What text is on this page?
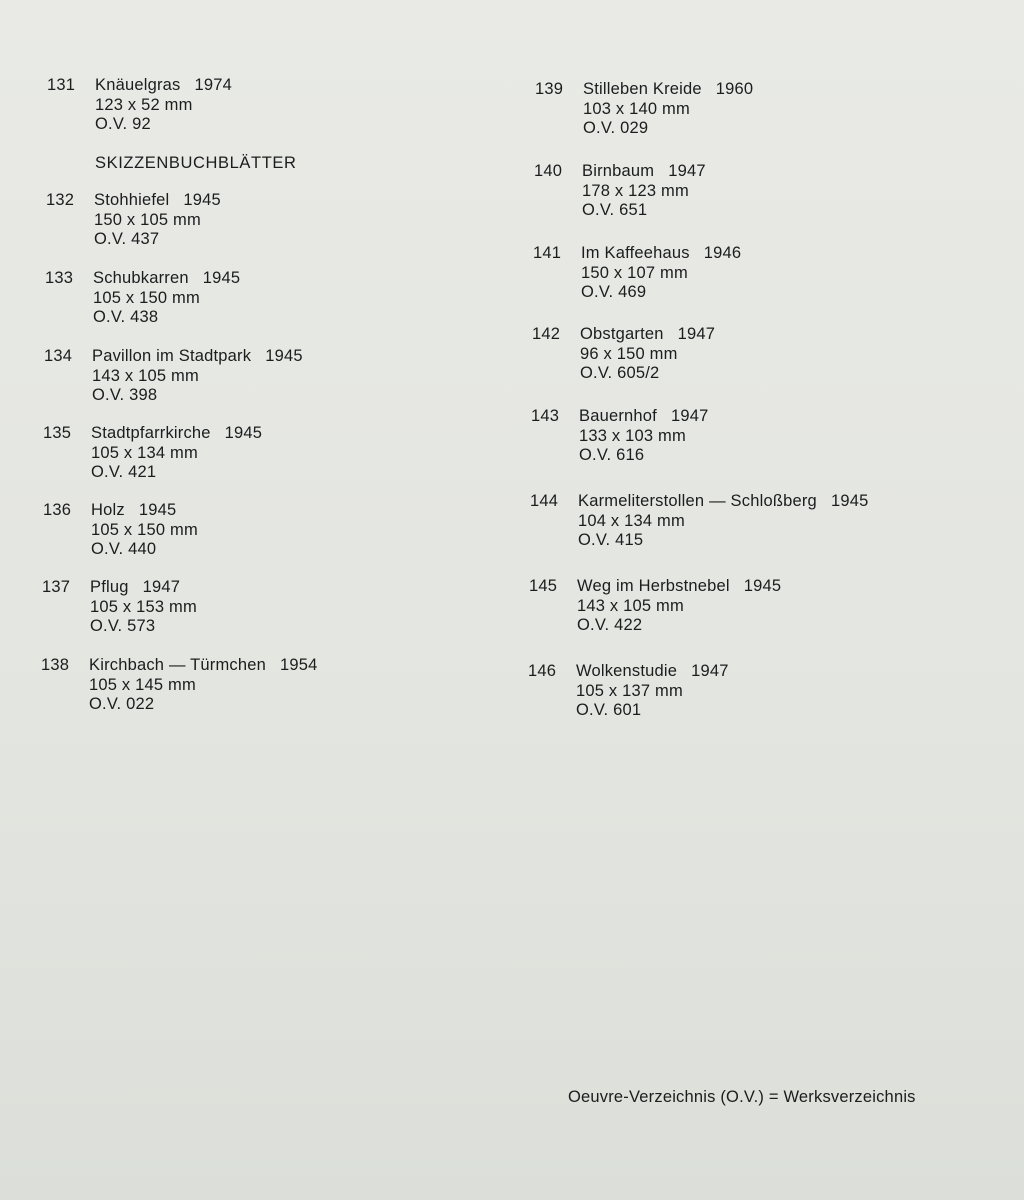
131 Knäuelgras 1974
123 x 52 mm
O.V. 92
SKIZZENBUCHBLÄTTER
132 Stohhiefel 1945
150 x 105 mm
O.V. 437
133 Schubkarren 1945
105 x 150 mm
O.V. 438
134 Pavillon im Stadtpark 1945
143 x 105 mm
O.V. 398
135 Stadtpfarrkirche 1945
105 x 134 mm
O.V. 421
136 Holz 1945
105 x 150 mm
O.V. 440
137 Pflug 1947
105 x 153 mm
O.V. 573
138 Kirchbach — Türmchen 1954
105 x 145 mm
O.V. 022
139 Stilleben Kreide 1960
103 x 140 mm
O.V. 029
140 Birnbaum 1947
178 x 123 mm
O.V. 651
141 Im Kaffeehaus 1946
150 x 107 mm
O.V. 469
142 Obstgarten 1947
96 x 150 mm
O.V. 605/2
143 Bauernhof 1947
133 x 103 mm
O.V. 616
144 Karmeliterstollen — Schloßberg 1945
104 x 134 mm
O.V. 415
145 Weg im Herbstnebel 1945
143 x 105 mm
O.V. 422
146 Wolkenstudie 1947
105 x 137 mm
O.V. 601
Oeuvre-Verzeichnis (O.V.) = Werksverzeichnis
